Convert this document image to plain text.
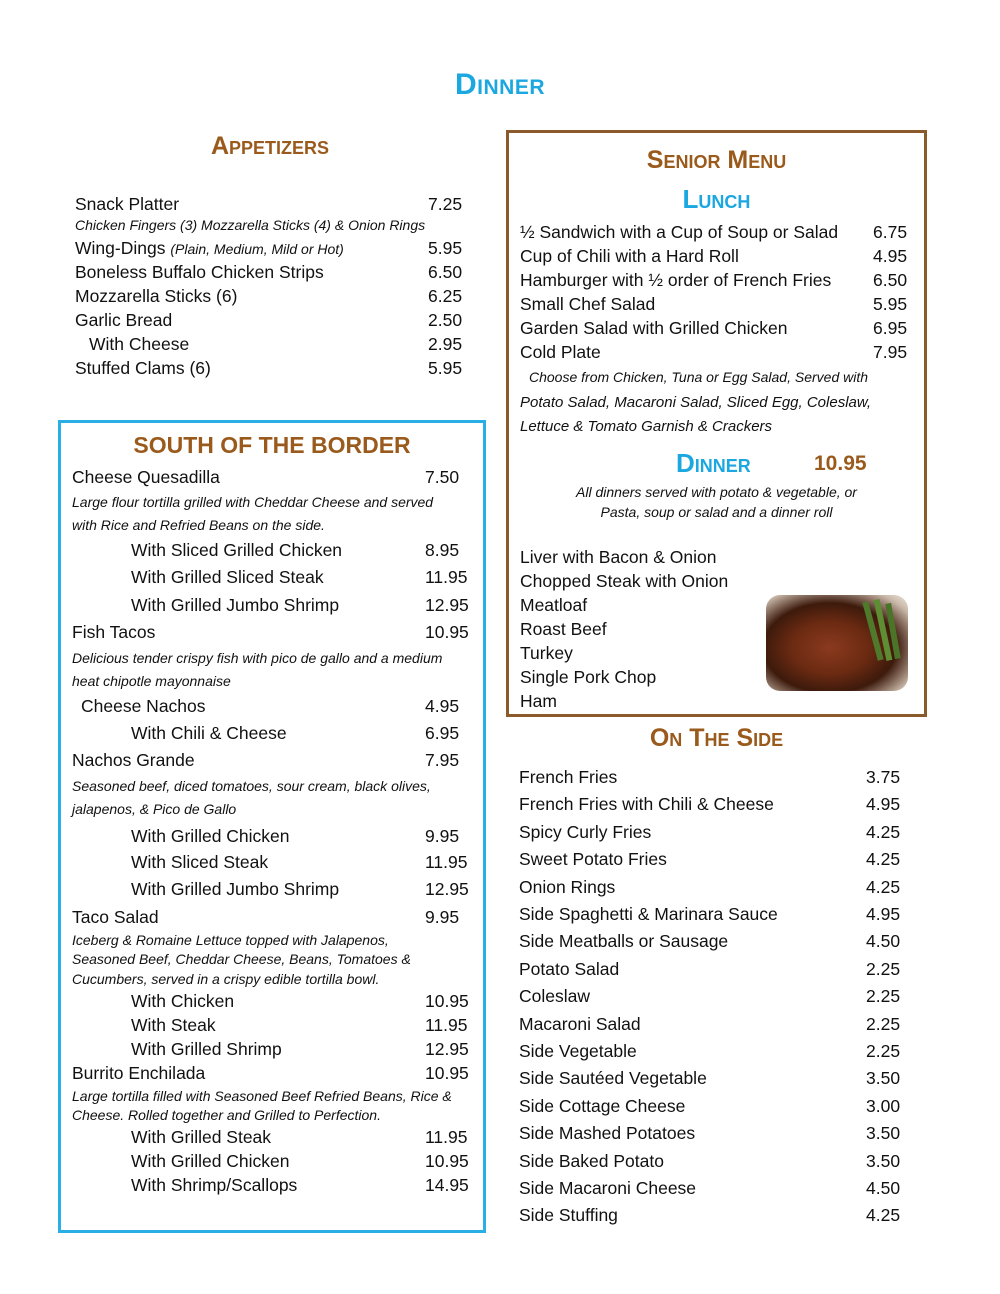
Dinner
Appetizers
Snack Platter	7.25
Chicken Fingers (3) Mozzarella Sticks (4) & Onion Rings
Wing-Dings (Plain, Medium, Mild or Hot)	5.95
Boneless Buffalo Chicken Strips	6.50
Mozzarella Sticks (6)	6.25
Garlic Bread	2.50
With Cheese	2.95
Stuffed Clams (6)	5.95
SOUTH OF THE BORDER
Cheese Quesadilla	7.50
Large flour tortilla grilled with Cheddar Cheese and served
with Rice and Refried Beans on the side.
With Sliced Grilled Chicken	8.95
With Grilled Sliced Steak	11.95
With Grilled Jumbo Shrimp	12.95
Fish Tacos	10.95
Delicious tender crispy fish with pico de gallo and a medium
heat chipotle mayonnaise
Cheese Nachos	4.95
With Chili & Cheese	6.95
Nachos Grande	7.95
Seasoned beef, diced tomatoes, sour cream, black olives,
jalapenos, & Pico de Gallo
With Grilled Chicken	9.95
With Sliced Steak	11.95
With Grilled Jumbo Shrimp	12.95
Taco Salad	9.95
Iceberg & Romaine Lettuce topped with Jalapenos,
Seasoned Beef, Cheddar Cheese, Beans, Tomatoes &
Cucumbers, served in a crispy edible tortilla bowl.
With Chicken	10.95
With Steak	11.95
With Grilled Shrimp	12.95
Burrito Enchilada	10.95
Large tortilla filled with Seasoned Beef Refried Beans, Rice &
Cheese. Rolled together and Grilled to Perfection.
With Grilled Steak	11.95
With Grilled Chicken	10.95
With Shrimp/Scallops	14.95
Senior Menu
Lunch
½ Sandwich with a Cup of Soup or Salad 6.75
Cup of Chili with a Hard Roll	4.95
Hamburger with ½ order of French Fries 6.50
Small Chef Salad	5.95
Garden Salad with Grilled Chicken	6.95
Cold Plate	7.95
Choose from Chicken, Tuna or Egg Salad, Served with
Potato Salad, Macaroni Salad, Sliced Egg, Coleslaw,
Lettuce & Tomato Garnish & Crackers
Dinner	10.95
All dinners served with potato & vegetable, or
Pasta, soup or salad and a dinner roll
Liver with Bacon & Onion
Chopped Steak with Onion
Meatloaf
Roast Beef
Turkey
Single Pork Chop
Ham
On The Side
French Fries	3.75
French Fries with Chili & Cheese	4.95
Spicy Curly Fries	4.25
Sweet Potato Fries	4.25
Onion Rings	4.25
Side Spaghetti & Marinara Sauce	4.95
Side Meatballs or Sausage	4.50
Potato Salad	2.25
Coleslaw	2.25
Macaroni Salad	2.25
Side Vegetable	2.25
Side Sautéed Vegetable	3.50
Side Cottage Cheese	3.00
Side Mashed Potatoes	3.50
Side Baked Potato	3.50
Side Macaroni Cheese	4.50
Side Stuffing	4.25
